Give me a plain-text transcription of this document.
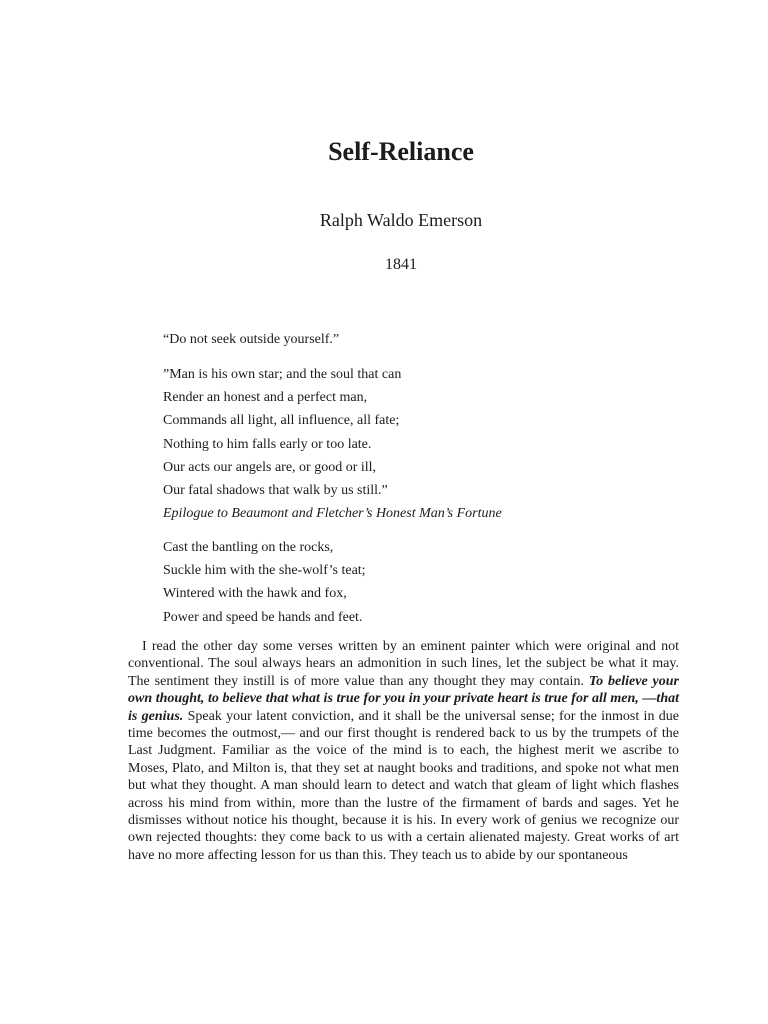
Self-Reliance
Ralph Waldo Emerson
1841
“Do not seek outside yourself.”
”Man is his own star; and the soul that can
Render an honest and a perfect man,
Commands all light, all influence, all fate;
Nothing to him falls early or too late.
Our acts our angels are, or good or ill,
Our fatal shadows that walk by us still.”
Epilogue to Beaumont and Fletcher’s Honest Man’s Fortune
Cast the bantling on the rocks,
Suckle him with the she-wolf’s teat;
Wintered with the hawk and fox,
Power and speed be hands and feet.

I read the other day some verses written by an eminent painter which were original and not conventional. The soul always hears an admonition in such lines, let the subject be what it may. The sentiment they instill is of more value than any thought they may contain. To believe your own thought, to believe that what is true for you in your private heart is true for all men, —that is genius. Speak your latent conviction, and it shall be the universal sense; for the inmost in due time becomes the outmost,— and our first thought is rendered back to us by the trumpets of the Last Judgment. Familiar as the voice of the mind is to each, the highest merit we ascribe to Moses, Plato, and Milton is, that they set at naught books and traditions, and spoke not what men but what they thought. A man should learn to detect and watch that gleam of light which flashes across his mind from within, more than the lustre of the firmament of bards and sages. Yet he dismisses without notice his thought, because it is his. In every work of genius we recognize our own rejected thoughts: they come back to us with a certain alienated majesty. Great works of art have no more affecting lesson for us than this. They teach us to abide by our spontaneous
